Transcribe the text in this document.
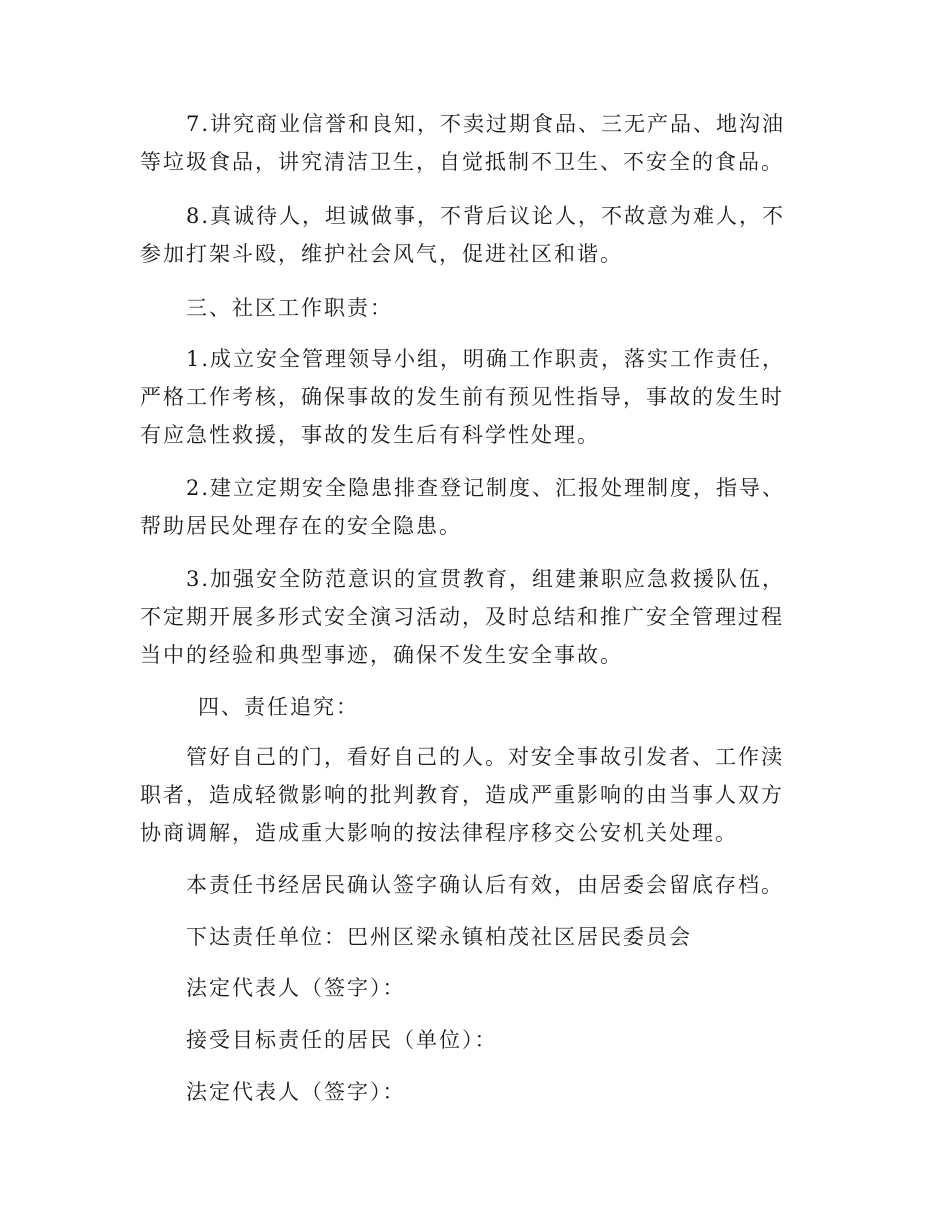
7.讲究商业信誉和良知，不卖过期食品、三无产品、地沟油等垃圾食品，讲究清洁卫生，自觉抵制不卫生、不安全的食品。

8.真诚待人，坦诚做事，不背后议论人，不故意为难人，不参加打架斗殴，维护社会风气，促进社区和谐。

三、社区工作职责：

1.成立安全管理领导小组，明确工作职责，落实工作责任，严格工作考核，确保事故的发生前有预见性指导，事故的发生时有应急性救援，事故的发生后有科学性处理。

2.建立定期安全隐患排查登记制度、汇报处理制度，指导、帮助居民处理存在的安全隐患。

3.加强安全防范意识的宣贯教育，组建兼职应急救援队伍，不定期开展多形式安全演习活动，及时总结和推广安全管理过程当中的经验和典型事迹，确保不发生安全事故。

四、责任追究：

管好自己的门，看好自己的人。对安全事故引发者、工作渎职者，造成轻微影响的批判教育，造成严重影响的由当事人双方协商调解，造成重大影响的按法律程序移交公安机关处理。

本责任书经居民确认签字确认后有效，由居委会留底存档。

下达责任单位：巴州区梁永镇柏茂社区居民委员会

法定代表人（签字）：

接受目标责任的居民（单位）：

法定代表人（签字）：
